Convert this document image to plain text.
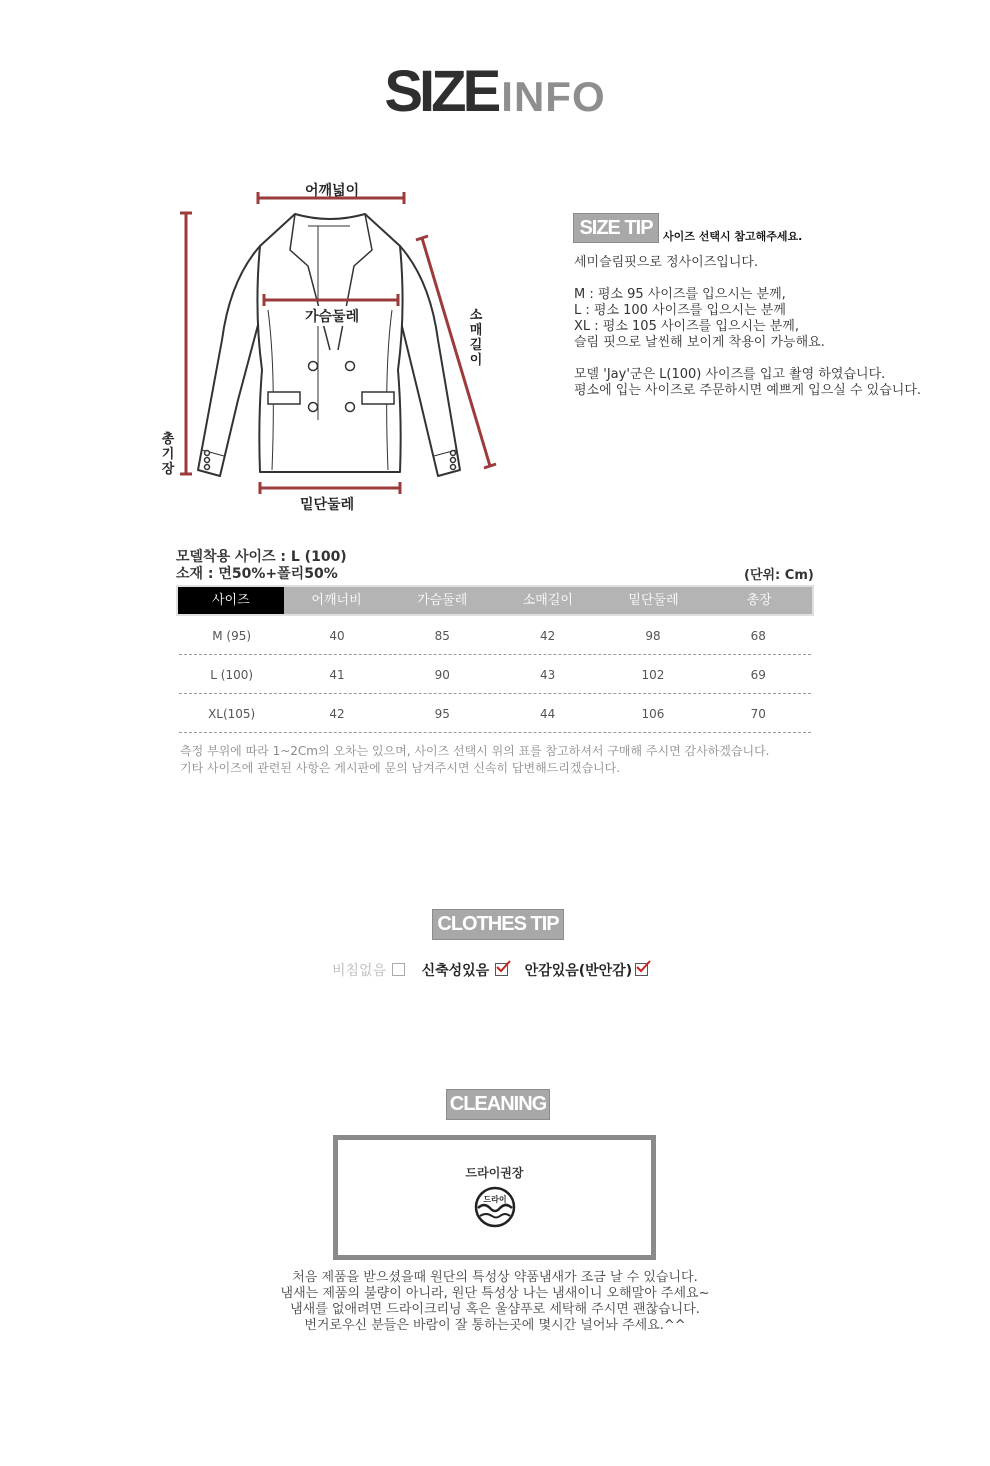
SIZEINFO
어깨넓이
가슴둘레
밑단둘레
소매길이
총기장
SIZE TIP 사이즈 선택시 참고해주세요.
세미슬림핏으로 정사이즈입니다.
M : 평소 95 사이즈를 입으시는 분께,
L : 평소 100 사이즈를 입으시는 분께
XL : 평소 105 사이즈를 입으시는 분께,
슬림 핏으로 날씬해 보이게 착용이 가능해요.
모델 'Jay'군은 L(100) 사이즈를 입고 촬영 하였습니다.
평소에 입는 사이즈로 주문하시면 예쁘게 입으실 수 있습니다.
모델착용 사이즈 : L (100)
소재 : 면50%+폴리50%	(단위: Cm)
사이즈	어깨너비	가슴둘레	소매길이	밑단둘레	총장
M (95)	40	85	42	98	68
L (100)	41	90	43	102	69
XL(105)	42	95	44	106	70
측정 부위에 따라 1~2Cm의 오차는 있으며, 사이즈 선택시 위의 표를 참고하셔서 구매해 주시면 감사하겠습니다.
기타 사이즈에 관련된 사항은 게시판에 문의 남겨주시면 신속히 답변해드리겠습니다.
CLOTHES TIP
비침없음	신축성있음	안감있음(반안감)
CLEANING
드라이권장
드라이
처음 제품을 받으셨을때 원단의 특성상 약품냄새가 조금 날 수 있습니다.
냄새는 제품의 불량이 아니라, 원단 특성상 나는 냄새이니 오해말아 주세요~
냄새를 없애려면 드라이크리닝 혹은 울샴푸로 세탁해 주시면 괜찮습니다.
번거로우신 분들은 바람이 잘 통하는곳에 몇시간 널어놔 주세요.^^
